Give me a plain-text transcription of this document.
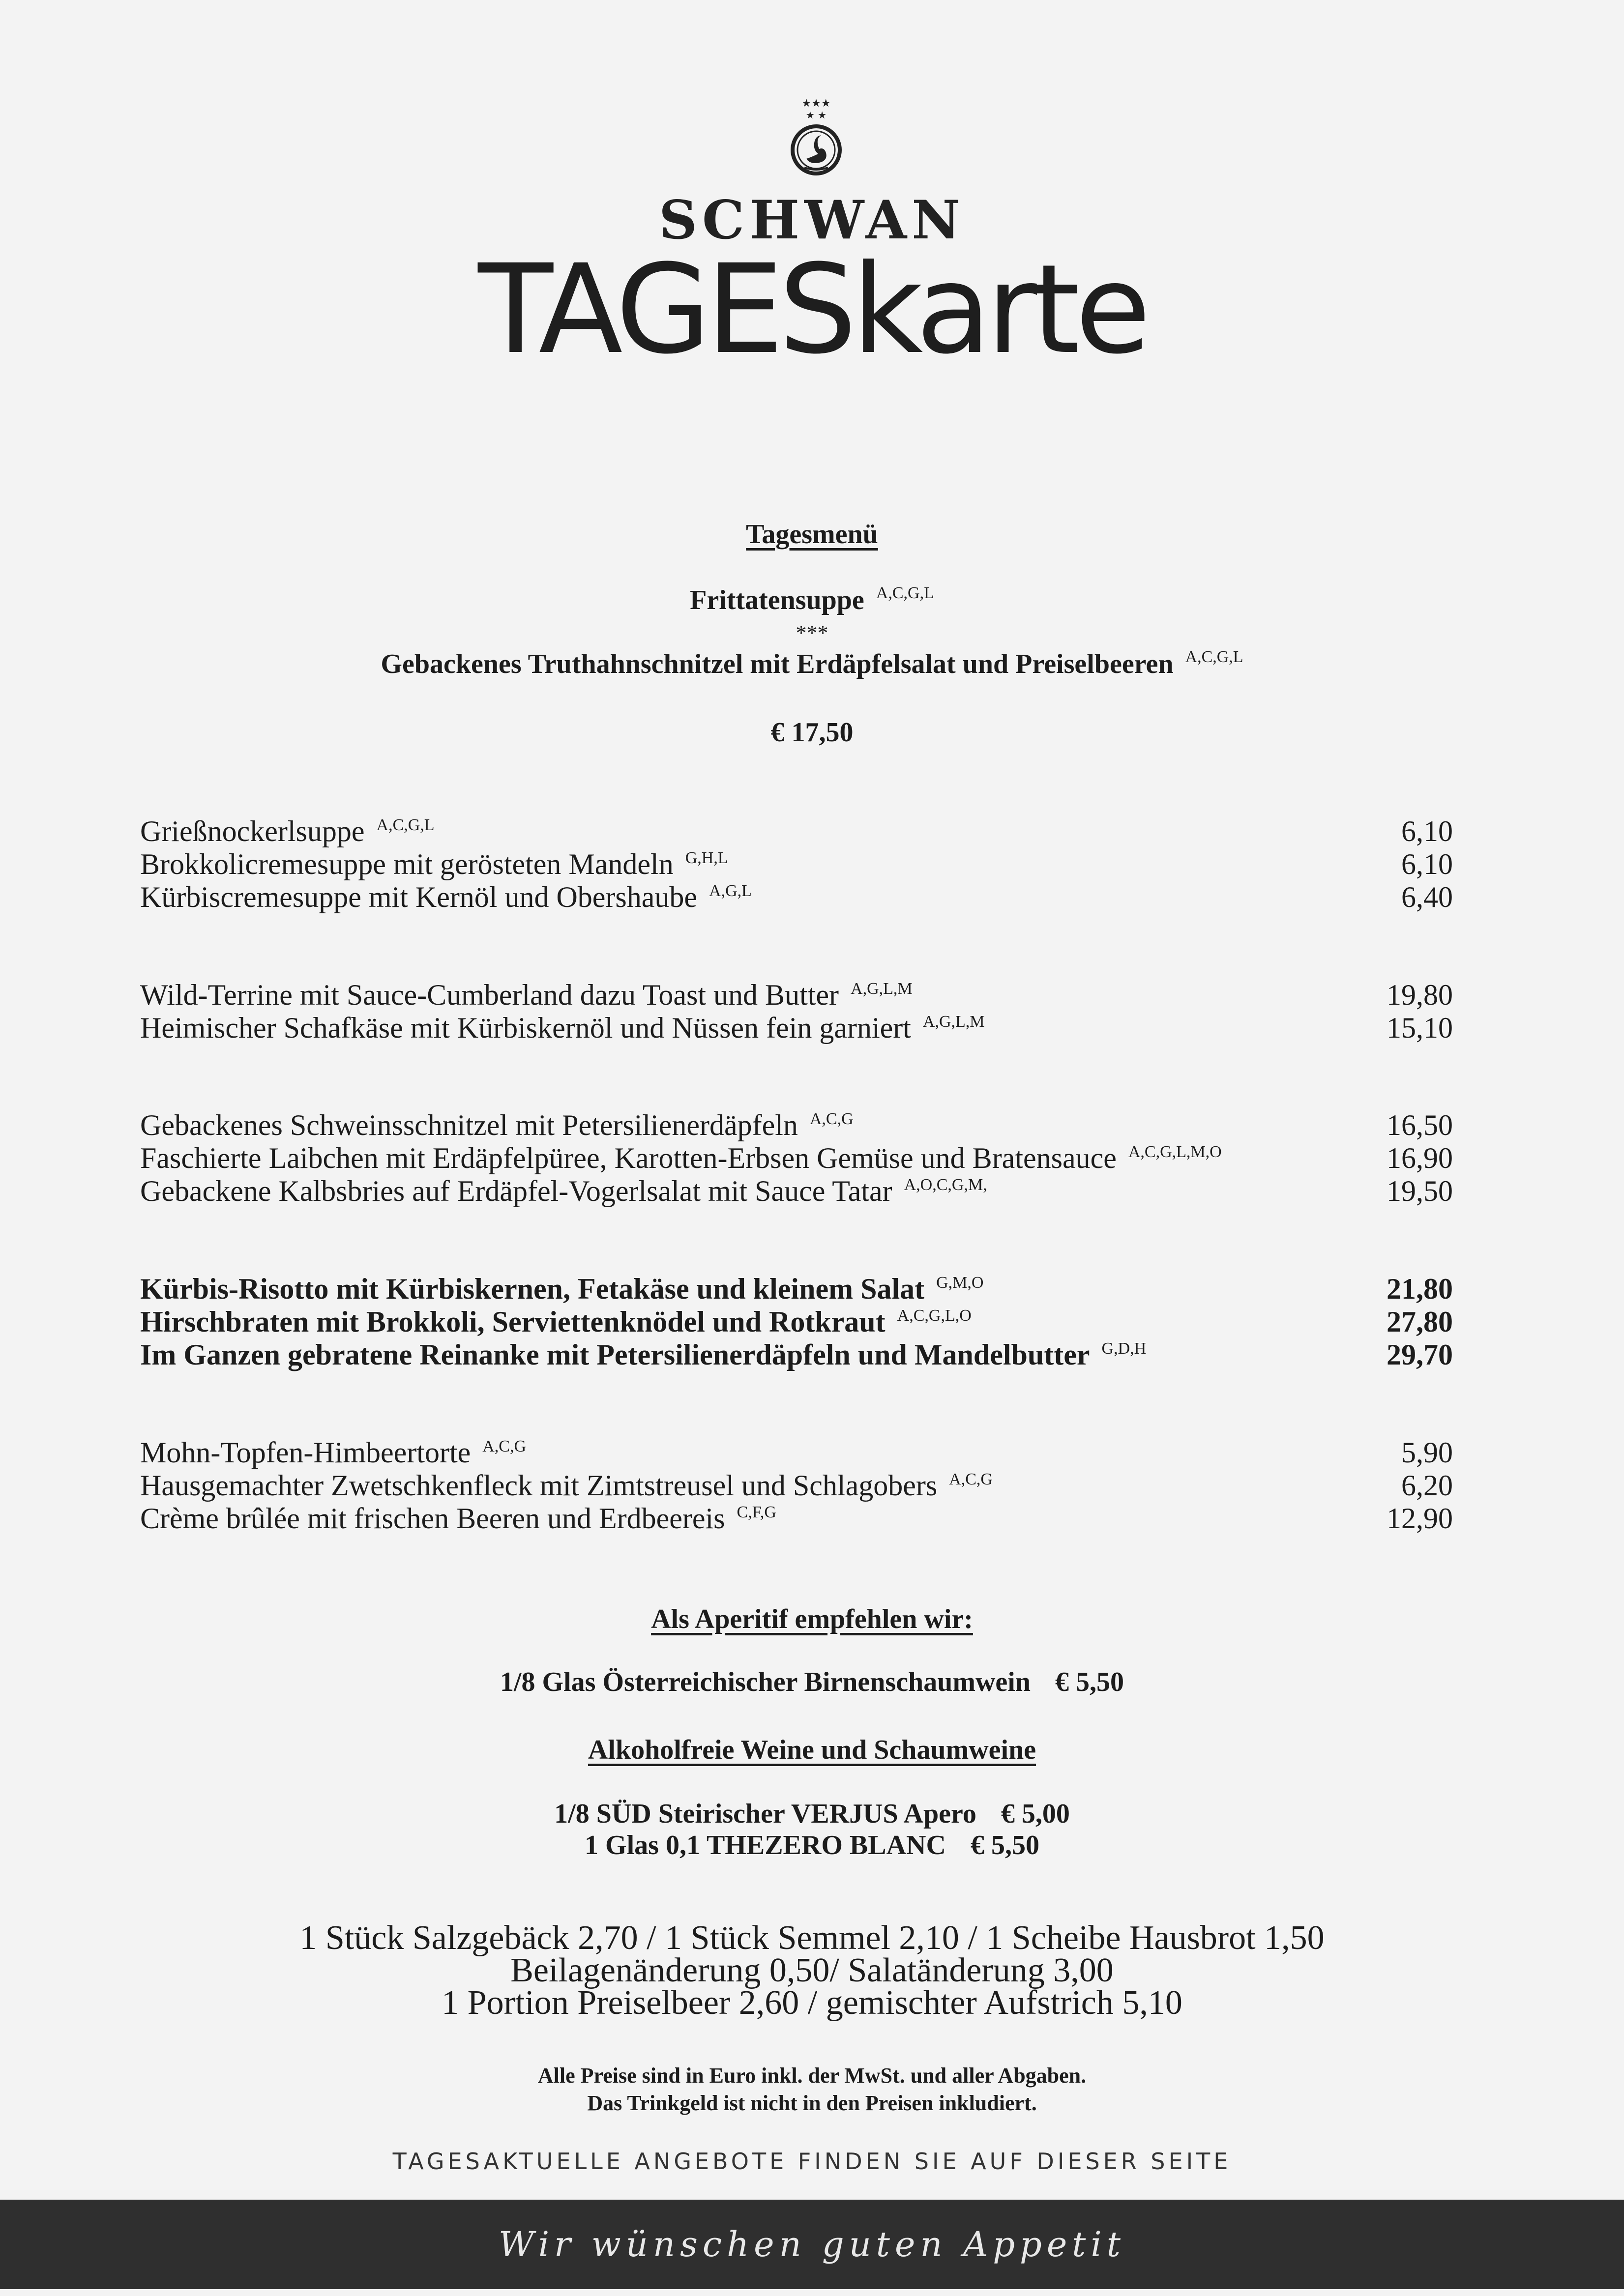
★★★
★ ★
SCHWAN
TAGESkarte
Tagesmenü
Frittatensuppe $^{A,C,G,L}$
***
Gebackenes Truthahnschnitzel mit Erdäpfelsalat und Preiselbeeren $^{A,C,G,L}$
€ 17,50
Grießnockerlsuppe $^{A,C,G,L}$	6,10
Brokkolicremesuppe mit gerösteten Mandeln $^{G,H,L}$	6,10
Kürbiscremesuppe mit Kernöl und Obershaube $^{A,G,L}$	6,40
Wild-Terrine mit Sauce-Cumberland dazu Toast und Butter $^{A,G,L,M}$	19,80
Heimischer Schafkäse mit Kürbiskernöl und Nüssen fein garniert $^{A,G,L,M}$	15,10
Gebackenes Schweinsschnitzel mit Petersilienerdäpfeln $^{A,C,G}$	16,50
Faschierte Laibchen mit Erdäpfelpüree, Karotten-Erbsen Gemüse und Bratensauce $^{A,C,G,L,M,O}$	16,90
Gebackene Kalbsbries auf Erdäpfel-Vogerlsalat mit Sauce Tatar $^{A,O,C,G,M,}$	19,50
Kürbis-Risotto mit Kürbiskernen, Fetakäse und kleinem Salat $^{G,M,O}$	21,80
Hirschbraten mit Brokkoli, Serviettenknödel und Rotkraut $^{A,C,G,L,O}$	27,80
Im Ganzen gebratene Reinanke mit Petersilienerdäpfeln und Mandelbutter $^{G,D,H}$	29,70
Mohn-Topfen-Himbeertorte $^{A,C,G}$	5,90
Hausgemachter Zwetschkenfleck mit Zimtstreusel und Schlagobers $^{A,C,G}$	6,20
Crème brûlée mit frischen Beeren und Erdbeereis $^{C,F,G}$	12,90
Als Aperitif empfehlen wir:
1/8 Glas Österreichischer Birnenschaumwein € 5,50
Alkoholfreie Weine und Schaumweine
1/8 SÜD Steirischer VERJUS Apero € 5,00
1 Glas 0,1 THEZERO BLANC € 5,50
1 Stück Salzgebäck 2,70 / 1 Stück Semmel 2,10 / 1 Scheibe Hausbrot 1,50
Beilagenänderung 0,50/ Salatänderung 3,00
1 Portion Preiselbeer 2,60 / gemischter Aufstrich 5,10
Alle Preise sind in Euro inkl. der MwSt. und aller Abgaben.
Das Trinkgeld ist nicht in den Preisen inkludiert.
TAGESAKTUELLE ANGEBOTE FINDEN SIE AUF DIESER SEITE
Wir wünschen guten Appetit
